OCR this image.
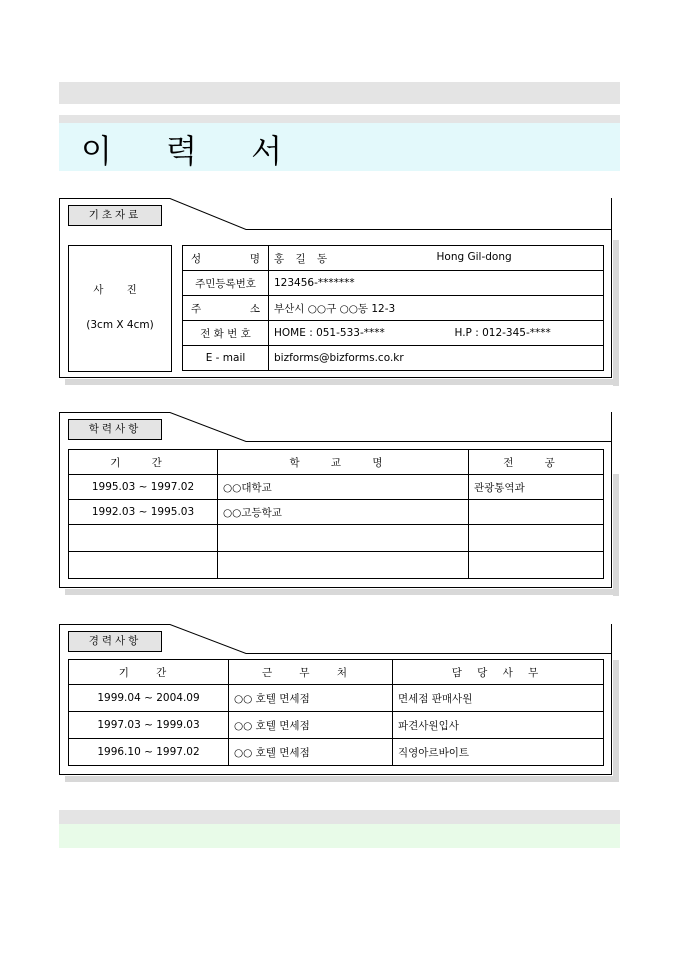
이 력 서
기초자료
사 진
(3cm X 4cm)
성 명	홍 길 동 Hong Gil-dong

주민등록번호	123456-*******

주 소	부산시 ○○구 ○○동 12-3
전 화 번 호	HOME : 051-533-**** H.P : 012-345-****

E - mail	bizforms@bizforms.co.kr
학력사항
기 간	학 교 명	전 공
1995.03 ~ 1997.02	○○대학교	관광통역과
1992.03 ~ 1995.03	○○고등학교	

경력사항
기 간	근 무 처	담 당 사 무
1999.04 ~ 2004.09	○○ 호텔 면세점	면세점 판매사원
1997.03 ~ 1999.03	○○ 호텔 면세점	파견사원입사
1996.10 ~ 1997.02	○○ 호텔 면세점	직영아르바이트
